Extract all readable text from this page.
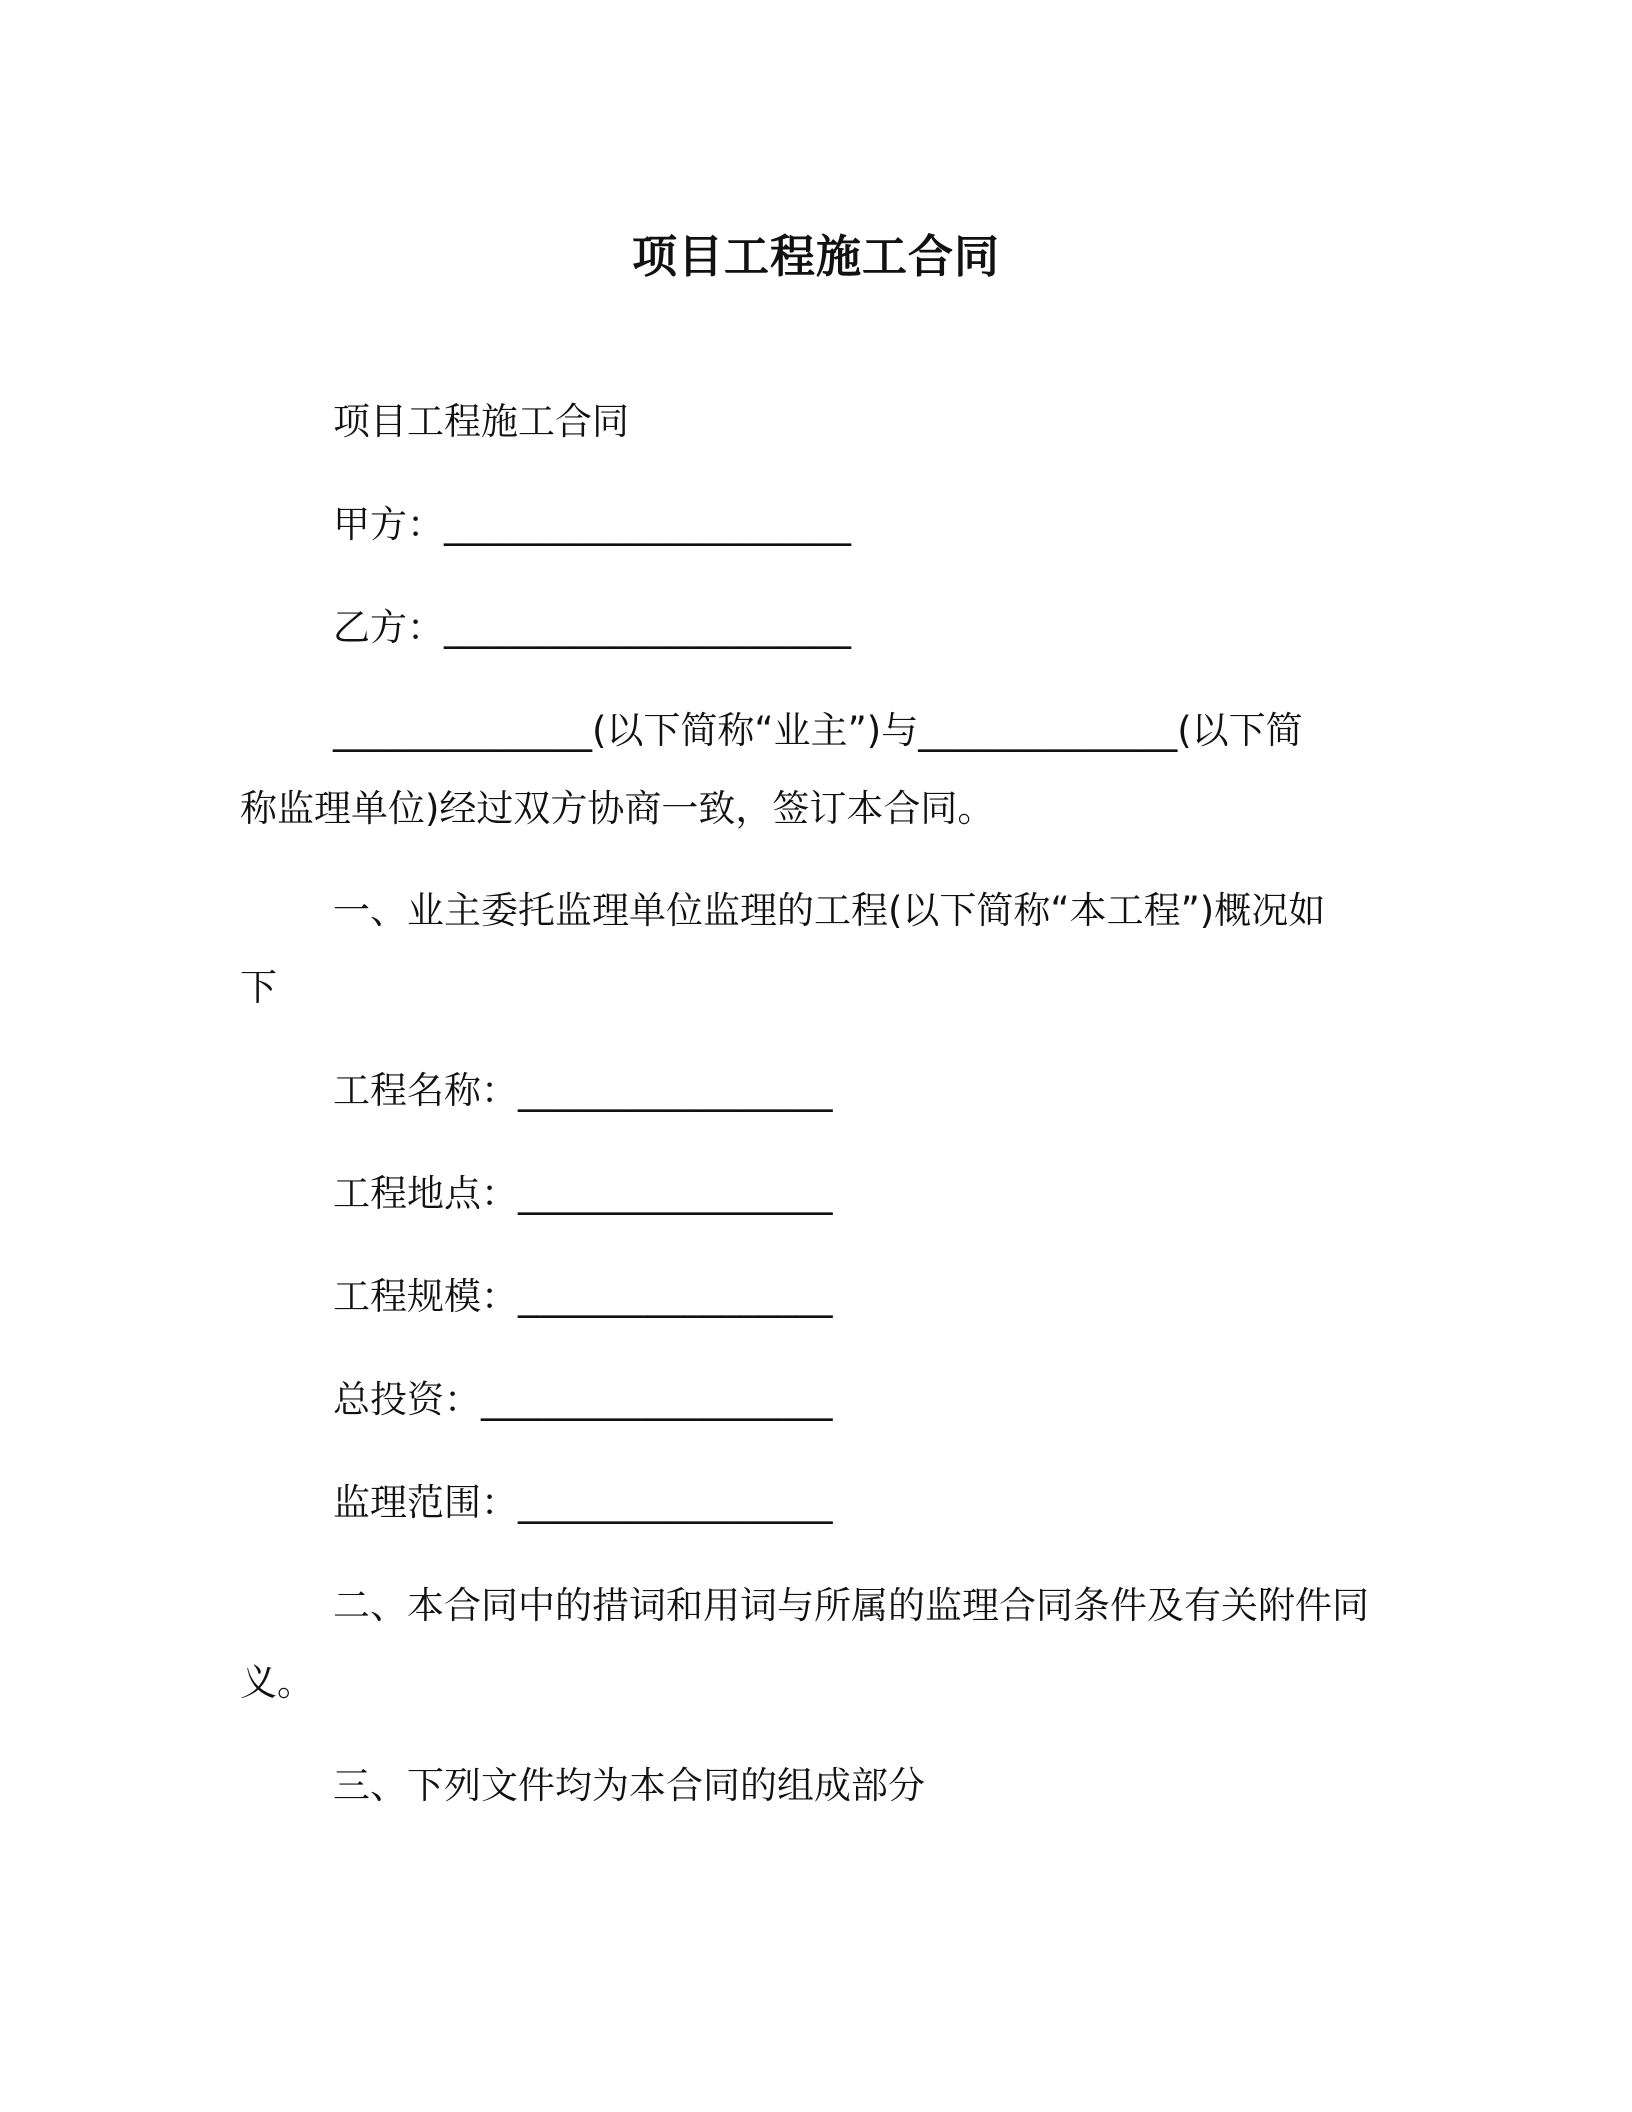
项目工程施工合同
项目工程施工合同
甲方：______________________
乙方：______________________
______________(以下简称“业主”)与______________(以下简
称监理单位)经过双方协商一致，签订本合同。
一、业主委托监理单位监理的工程(以下简称“本工程”)概况如
下
工程名称：_________________
工程地点：_________________
工程规模：_________________
总投资：___________________
监理范围：_________________
二、本合同中的措词和用词与所属的监理合同条件及有关附件同
义。
三、下列文件均为本合同的组成部分
